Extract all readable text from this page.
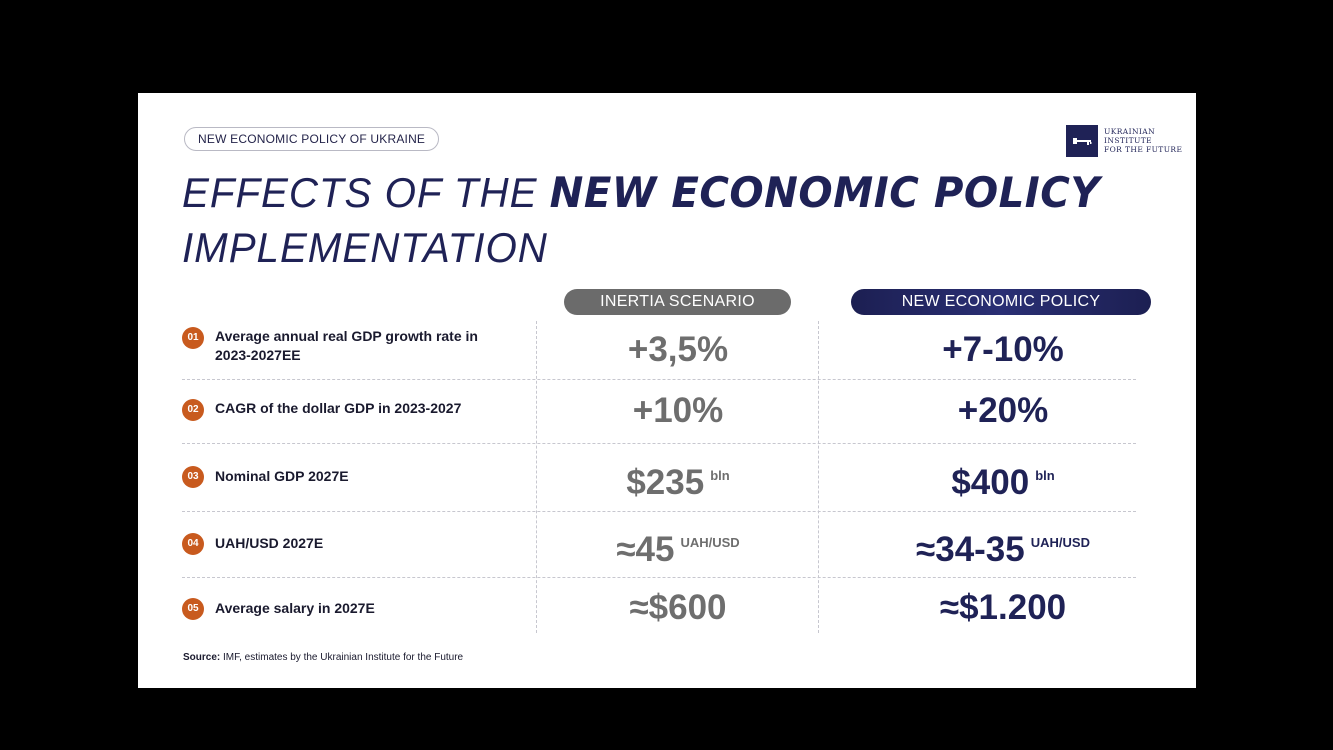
NEW ECONOMIC POLICY OF UKRAINE
UKRAINIAN
INSTITUTE
FOR THE FUTURE
EFFECTS OF THE NEW ECONOMIC POLICY
IMPLEMENTATION
INERTIA SCENARIO	NEW ECONOMIC POLICY
01	Average annual real GDP growth rate in 2023-2027EE	+3,5%	+7-10%
02	CAGR of the dollar GDP in 2023-2027	+10%	+20%
03	Nominal GDP 2027E	$235 $^{bln}$	$400 $^{bln}$
04	UAH/USD 2027E	≈45 $^{UAH/USD}$	≈34-35 $^{UAH/USD}$
05	Average salary in 2027E	≈$600	≈$1.200
Source: IMF, estimates by the Ukrainian Institute for the Future
